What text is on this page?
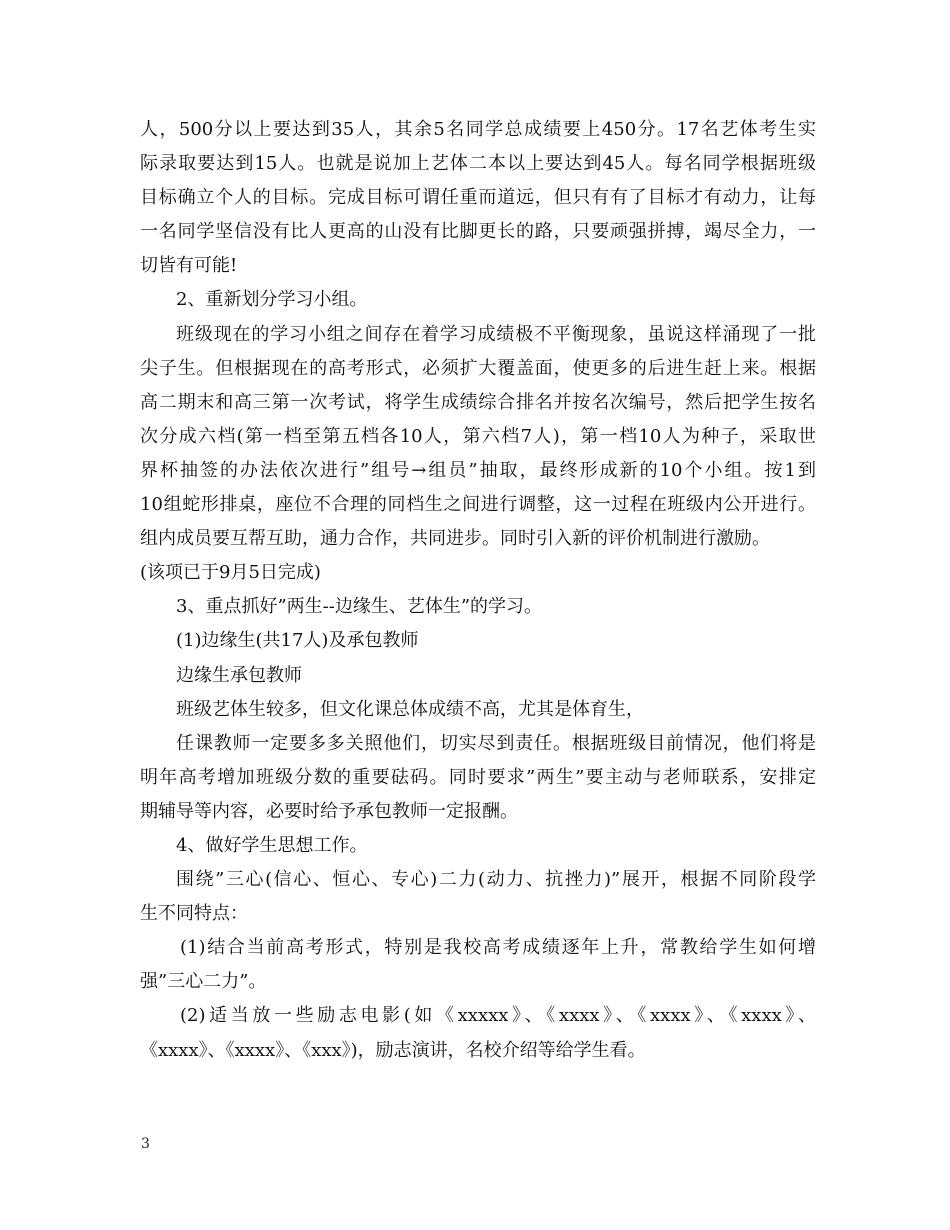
人，500分以上要达到35人，其余5名同学总成绩要上450分。17名艺体考生实
际录取要达到15人。也就是说加上艺体二本以上要达到45人。每名同学根据班级
目标确立个人的目标。完成目标可谓任重而道远，但只有有了目标才有动力，让每
一名同学坚信没有比人更高的山没有比脚更长的路，只要顽强拼搏，竭尽全力，一
切皆有可能!
2、重新划分学习小组。
班级现在的学习小组之间存在着学习成绩极不平衡现象，虽说这样涌现了一批
尖子生。但根据现在的高考形式，必须扩大覆盖面，使更多的后进生赶上来。根据
高二期末和高三第一次考试，将学生成绩综合排名并按名次编号，然后把学生按名
次分成六档(第一档至第五档各10人，第六档7人)，第一档10人为种子，采取世
界杯抽签的办法依次进行”组号→组员”抽取，最终形成新的10个小组。按1到
10组蛇形排桌，座位不合理的同档生之间进行调整，这一过程在班级内公开进行。
组内成员要互帮互助，通力合作，共同进步。同时引入新的评价机制进行激励。
(该项已于9月5日完成)
3、重点抓好”两生--边缘生、艺体生”的学习。
(1)边缘生(共17人)及承包教师
边缘生承包教师
班级艺体生较多，但文化课总体成绩不高，尤其是体育生，
任课教师一定要多多关照他们，切实尽到责任。根据班级目前情况，他们将是
明年高考增加班级分数的重要砝码。同时要求”两生”要主动与老师联系，安排定
期辅导等内容，必要时给予承包教师一定报酬。
4、做好学生思想工作。
围绕”三心(信心、恒心、专心)二力(动力、抗挫力)”展开，根据不同阶段学
生不同特点：
(1)结合当前高考形式，特别是我校高考成绩逐年上升，常教给学生如何增
强”三心二力”。
(2)适当放一些励志电影(如《xxxxx》、《xxxx》、《xxxx》、《xxxx》、
《xxxx》、《xxxx》、《xxx》)，励志演讲，名校介绍等给学生看。
3
